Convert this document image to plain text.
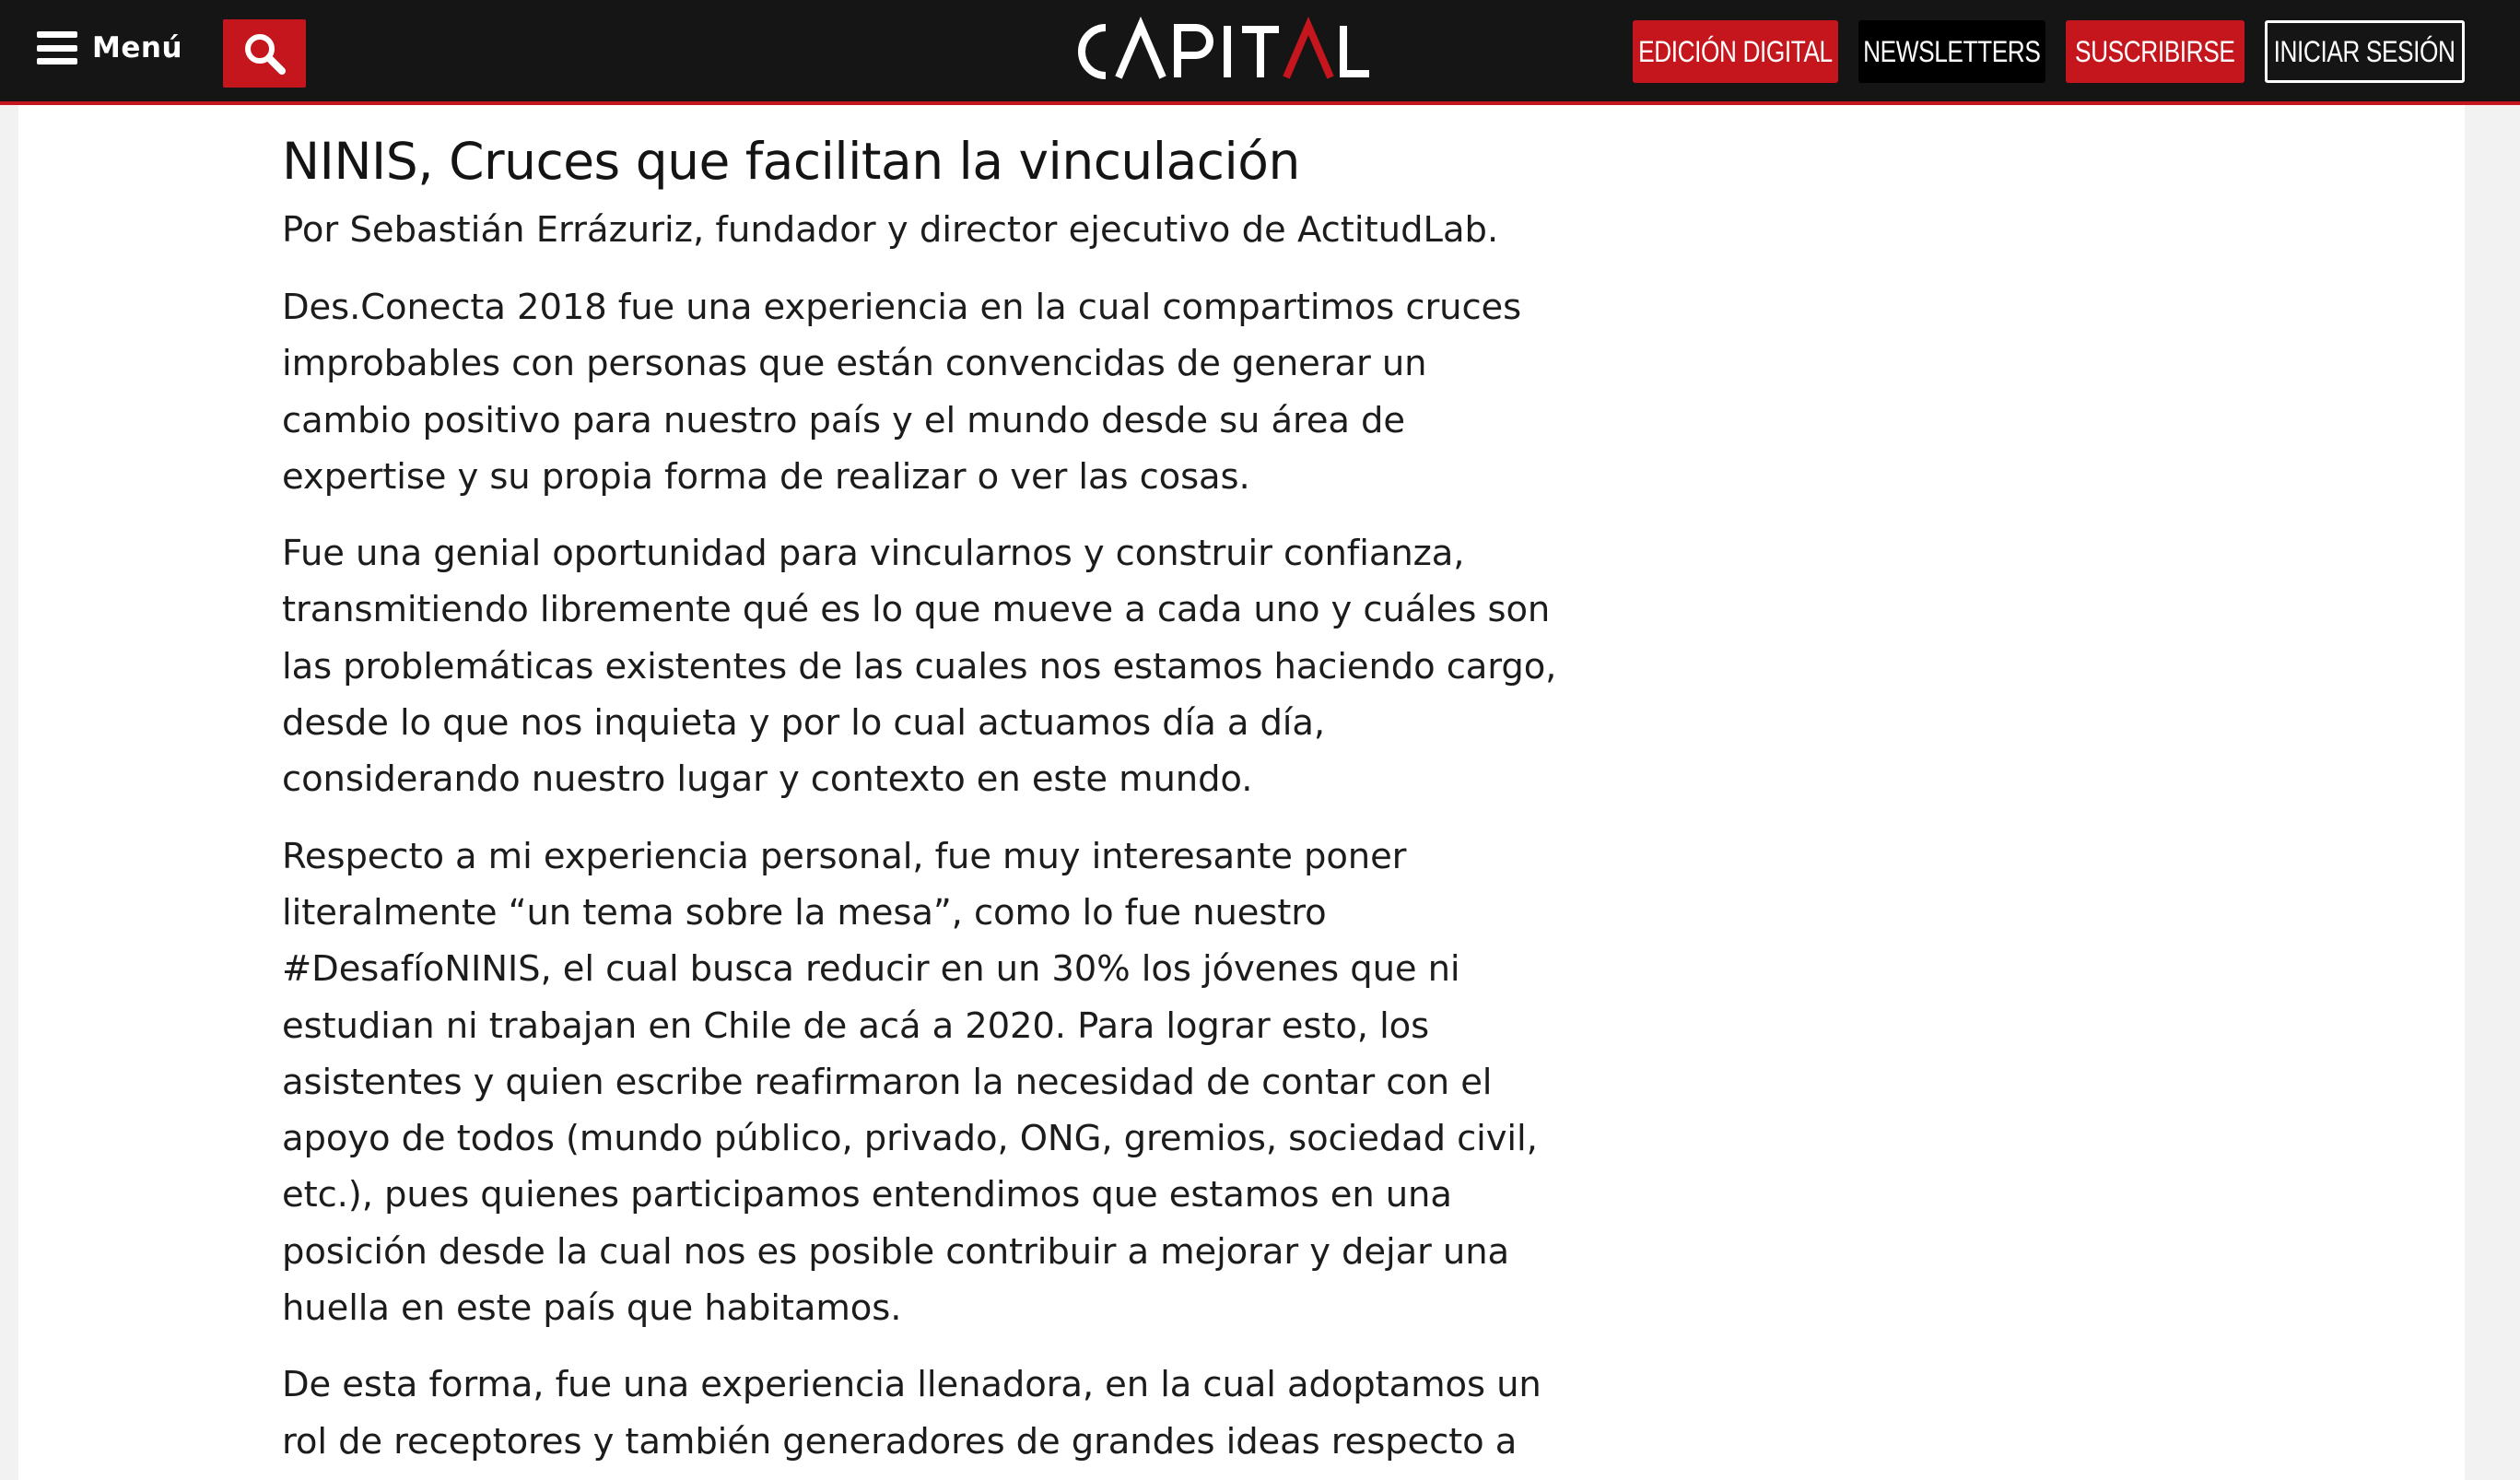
Menú	EDICIÓN DIGITAL NEWSLETTERS SUSCRIBIRSE INICIAR SESIÓN
NINIS, Cruces que facilitan la vinculación

Por Sebastián Errázuriz, fundador y director ejecutivo de ActitudLab.

Des.Conecta 2018 fue una experiencia en la cual compartimos cruces improbables con personas que están convencidas de generar un cambio positivo para nuestro país y el mundo desde su área de expertise y su propia forma de realizar o ver las cosas.

Fue una genial oportunidad para vincularnos y construir confianza, transmitiendo libremente qué es lo que mueve a cada uno y cuáles son las problemáticas existentes de las cuales nos estamos haciendo cargo, desde lo que nos inquieta y por lo cual actuamos día a día, considerando nuestro lugar y contexto en este mundo.

Respecto a mi experiencia personal, fue muy interesante poner literalmente “un tema sobre la mesa”, como lo fue nuestro #DesafíoNINIS, el cual busca reducir en un 30% los jóvenes que ni estudian ni trabajan en Chile de acá a 2020. Para lograr esto, los asistentes y quien escribe reafirmaron la necesidad de contar con el apoyo de todos (mundo público, privado, ONG, gremios, sociedad civil, etc.), pues quienes participamos entendimos que estamos en una posición desde la cual nos es posible contribuir a mejorar y dejar una huella en este país que habitamos.

De esta forma, fue una experiencia llenadora, en la cual adoptamos un rol de receptores y también generadores de grandes ideas respecto a
